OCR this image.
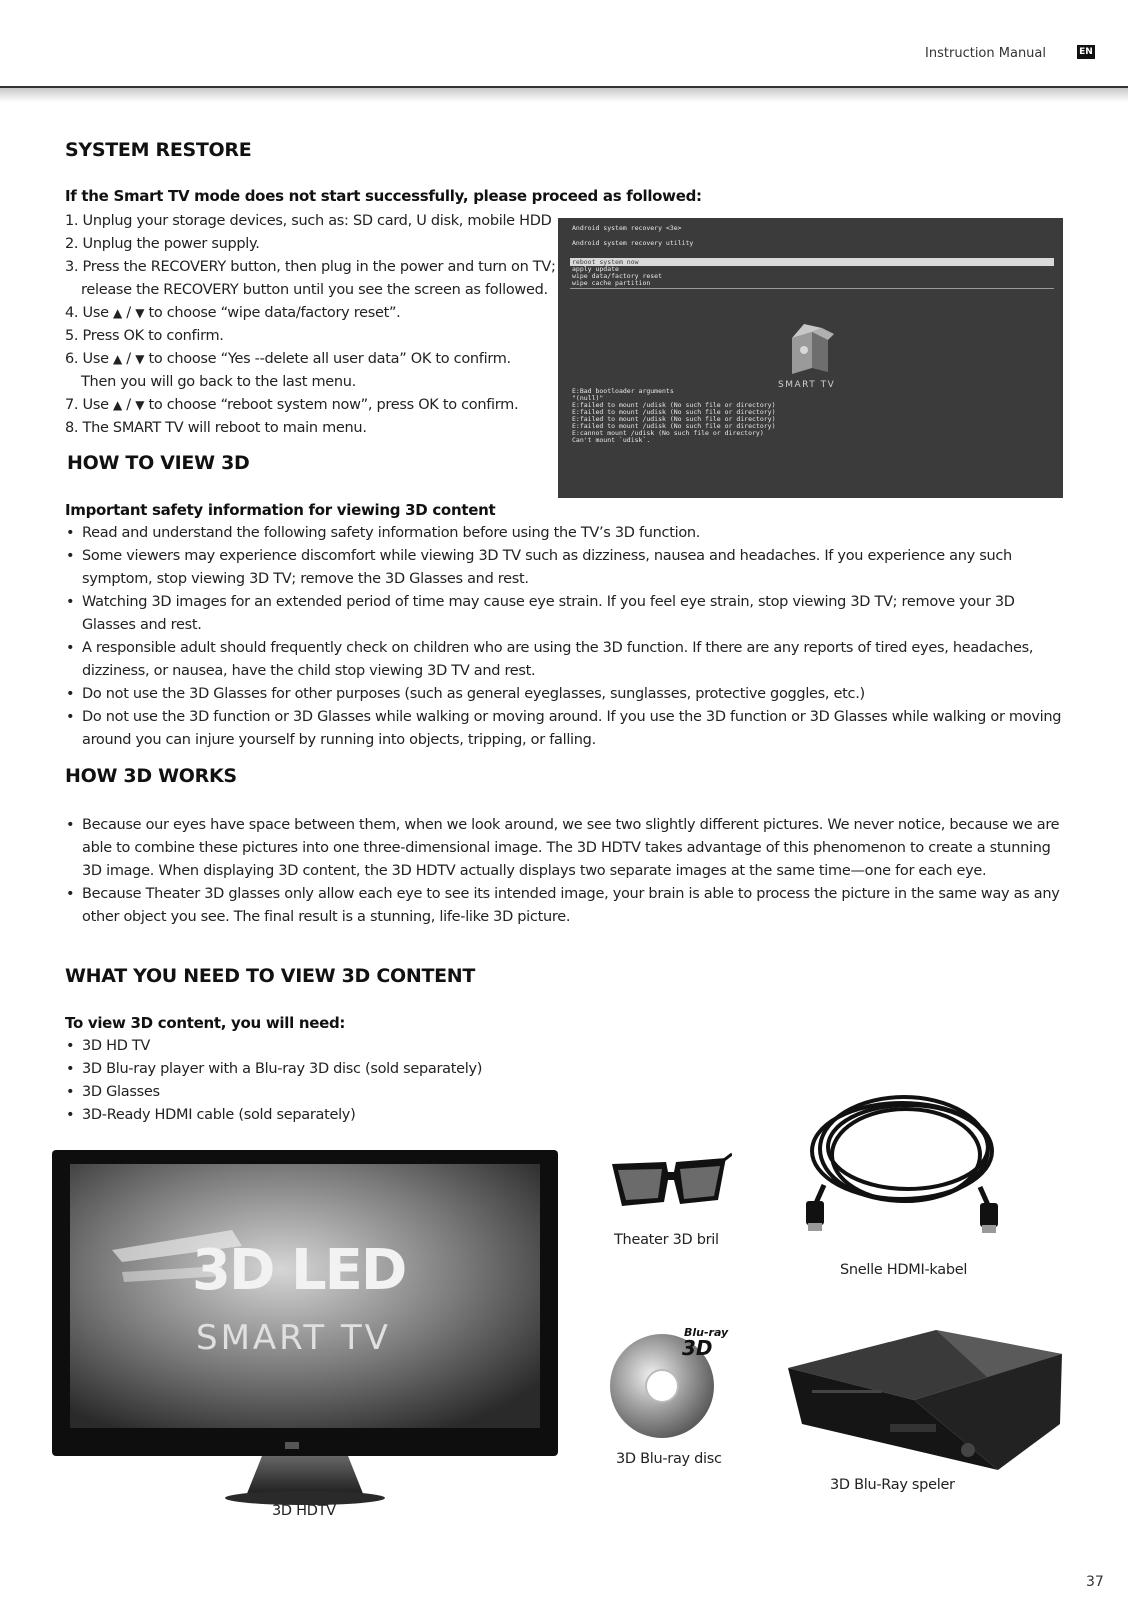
Instruction Manual	EN
SYSTEM RESTORE
If the Smart TV mode does not start successfully, please proceed as followed:
1. Unplug your storage devices, such as: SD card, U disk, mobile HDD
2. Unplug the power supply.
3. Press the RECOVERY button, then plug in the power and turn on TV;
release the RECOVERY button until you see the screen as followed.
4. Use ▲ / ▼ to choose “wipe data/factory reset”.
5. Press OK to confirm.
6. Use ▲ / ▼ to choose “Yes --delete all user data” OK to confirm.
Then you will go back to the last menu.
7. Use ▲ / ▼ to choose “reboot system now”, press OK to confirm.
8. The SMART TV will reboot to main menu.
Android system recovery <3e>
Android system recovery utility
reboot system now
apply update
wipe data/factory reset
wipe cache partition
SMART TV
E:Bad bootloader arguments
"(null)"
E:failed to mount /udisk (No such file or directory)
E:failed to mount /udisk (No such file or directory)
E:failed to mount /udisk (No such file or directory)
E:failed to mount /udisk (No such file or directory)
E:cannot mount /udisk (No such file or directory)
Can't mount `udisk`.
HOW TO VIEW 3D
Important safety information for viewing 3D content
• Read and understand the following safety information before using the TV’s 3D function.
• Some viewers may experience discomfort while viewing 3D TV such as dizziness, nausea and headaches. If you experience any such symptom, stop viewing 3D TV; remove the 3D Glasses and rest.
• Watching 3D images for an extended period of time may cause eye strain. If you feel eye strain, stop viewing 3D TV; remove your 3D Glasses and rest.
• A responsible adult should frequently check on children who are using the 3D function. If there are any reports of tired eyes, headaches, dizziness, or nausea, have the child stop viewing 3D TV and rest.
• Do not use the 3D Glasses for other purposes (such as general eyeglasses, sunglasses, protective goggles, etc.)
• Do not use the 3D function or 3D Glasses while walking or moving around. If you use the 3D function or 3D Glasses while walking or moving around you can injure yourself by running into objects, tripping, or falling.
HOW 3D WORKS
• Because our eyes have space between them, when we look around, we see two slightly different pictures. We never notice, because we are able to combine these pictures into one three-dimensional image. The 3D HDTV takes advantage of this phenomenon to create a stunning 3D image. When displaying 3D content, the 3D HDTV actually displays two separate images at the same time—one for each eye.
• Because Theater 3D glasses only allow each eye to see its intended image, your brain is able to process the picture in the same way as any other object you see. The final result is a stunning, life-like 3D picture.
WHAT YOU NEED TO VIEW 3D CONTENT
To view 3D content, you will need:
• 3D HD TV
• 3D Blu-ray player with a Blu-ray 3D disc (sold separately)
• 3D Glasses
• 3D-Ready HDMI cable (sold separately)
3D LED
SMART TV
3D HDTV
Theater 3D bril
Snelle HDMI-kabel
Blu-ray
3D
3D Blu-ray disc
3D Blu-Ray speler
37
